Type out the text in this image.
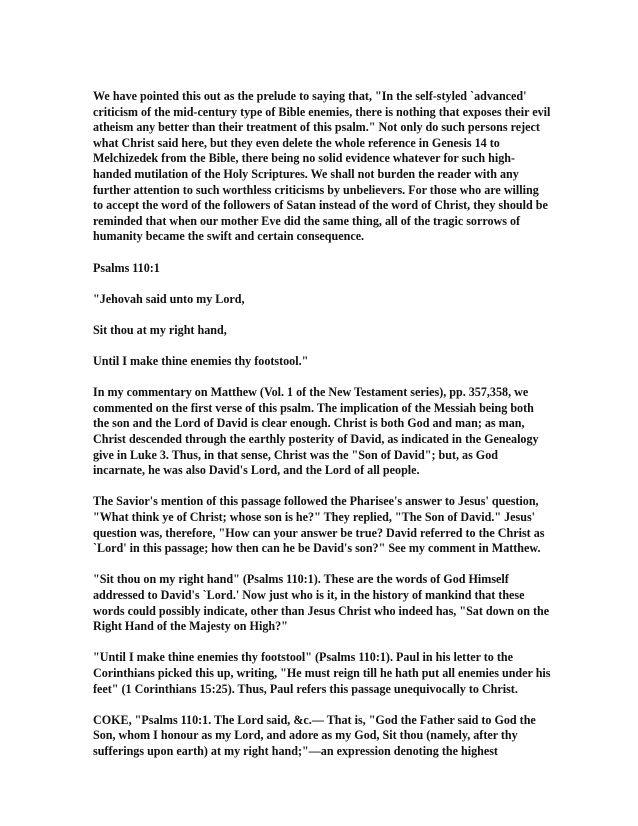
We have pointed this out as the prelude to saying that, "In the self-styled `advanced' criticism of the mid-century type of Bible enemies, there is nothing that exposes their evil atheism any better than their treatment of this psalm." Not only do such persons reject what Christ said here, but they even delete the whole reference in Genesis 14 to Melchizedek from the Bible, there being no solid evidence whatever for such high-handed mutilation of the Holy Scriptures. We shall not burden the reader with any further attention to such worthless criticisms by unbelievers. For those who are willing to accept the word of the followers of Satan instead of the word of Christ, they should be reminded that when our mother Eve did the same thing, all of the tragic sorrows of humanity became the swift and certain consequence.

Psalms 110:1

"Jehovah said unto my Lord,

Sit thou at my right hand,

Until I make thine enemies thy footstool."

In my commentary on Matthew (Vol. 1 of the New Testament series), pp. 357,358, we commented on the first verse of this psalm. The implication of the Messiah being both the son and the Lord of David is clear enough. Christ is both God and man; as man, Christ descended through the earthly posterity of David, as indicated in the Genealogy give in Luke 3. Thus, in that sense, Christ was the "Son of David"; but, as God incarnate, he was also David's Lord, and the Lord of all people.

The Savior's mention of this passage followed the Pharisee's answer to Jesus' question, "What think ye of Christ; whose son is he?" They replied, "The Son of David." Jesus' question was, therefore, "How can your answer be true? David referred to the Christ as `Lord' in this passage; how then can he be David's son?" See my comment in Matthew.

"Sit thou on my right hand" (Psalms 110:1). These are the words of God Himself addressed to David's `Lord.' Now just who is it, in the history of mankind that these words could possibly indicate, other than Jesus Christ who indeed has, "Sat down on the Right Hand of the Majesty on High?"

"Until I make thine enemies thy footstool" (Psalms 110:1). Paul in his letter to the Corinthians picked this up, writing, "He must reign till he hath put all enemies under his feet" (1 Corinthians 15:25). Thus, Paul refers this passage unequivocally to Christ.

COKE, "Psalms 110:1. The Lord said, &c.— That is, "God the Father said to God the Son, whom I honour as my Lord, and adore as my God, Sit thou (namely, after thy sufferings upon earth) at my right hand;"—an expression denoting the highest
